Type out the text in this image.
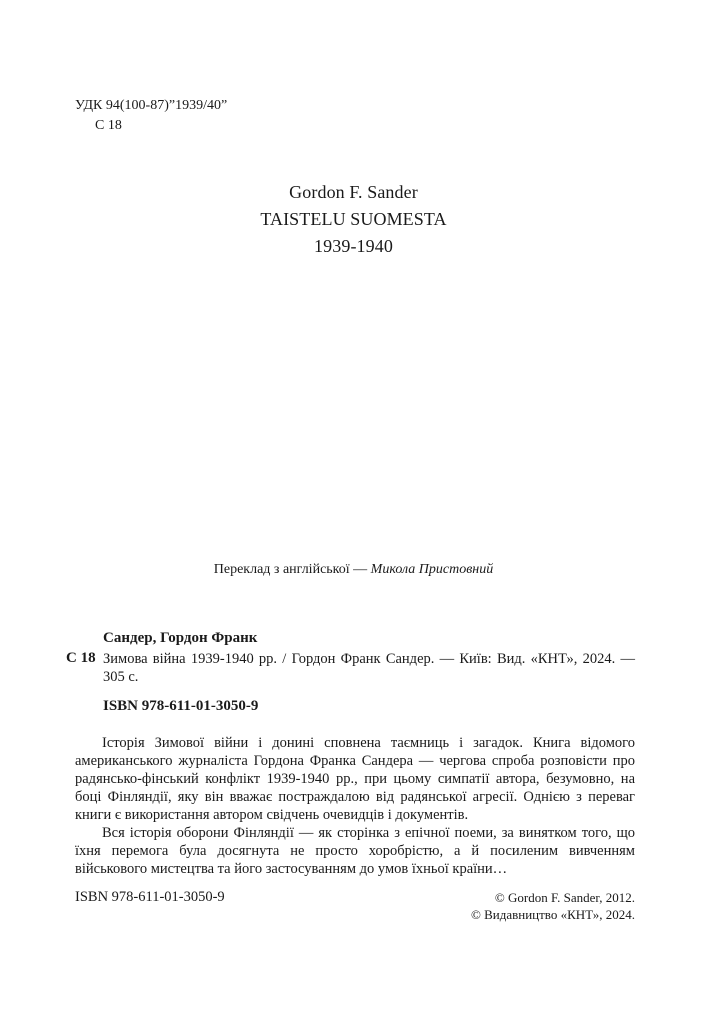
УДК 94(100-87)”1939/40”
С 18
Gordon F. Sander
TAISTELU SUOMESTA
1939-1940
Переклад з англійської — Микола Пристовний
Сандер, Гордон Франк
С 18 Зимова війна 1939-1940 рр. / Гордон Франк Сандер. — Київ: Вид. «КНТ», 2024. — 305 с.
ISBN 978-611-01-3050-9

Історія Зимової війни і донині сповнена таємниць і загадок. Книга відомого американського журналіста Гордона Франка Сандера — чергова спроба розповісти про радянсько-фінський конфлікт 1939-1940 рр., при цьому симпатії автора, безумовно, на боці Фінляндії, яку він вважає постраждалою від радянської агресії. Однією з переваг книги є використання автором свідчень очевидців і документів.

Вся історія оборони Фінляндії — як сторінка з епічної поеми, за винятком того, що їхня перемога була досягнута не просто хоробрістю, а й посиленим вивченням військового мистецтва та його застосуванням до умов їхньої країни…

ISBN 978-611-01-3050-9	© Gordon F. Sander, 2012.
© Видавництво «КНТ», 2024.
